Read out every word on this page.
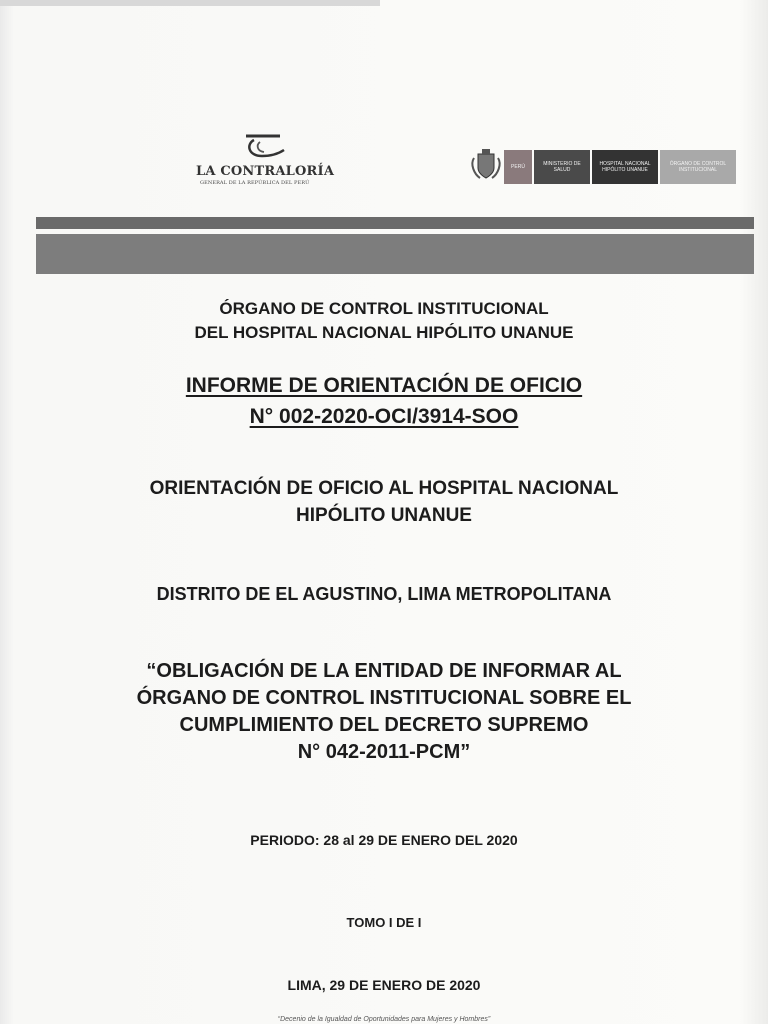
LA CONTRALORÍA
GENERAL DE LA REPÚBLICA DEL PERÚ
PERÚ	MINISTERIO DE SALUD
HOSPITAL NACIONAL HIPÓLITO UNANUE
ÓRGANO DE CONTROL INSTITUCIONAL
ÓRGANO DE CONTROL INSTITUCIONAL
DEL HOSPITAL NACIONAL HIPÓLITO UNANUE
INFORME DE ORIENTACIÓN DE OFICIO
N° 002-2020-OCI/3914-SOO
ORIENTACIÓN DE OFICIO AL HOSPITAL NACIONAL
HIPÓLITO UNANUE
DISTRITO DE EL AGUSTINO, LIMA METROPOLITANA
“OBLIGACIÓN DE LA ENTIDAD DE INFORMAR AL
ÓRGANO DE CONTROL INSTITUCIONAL SOBRE EL
CUMPLIMIENTO DEL DECRETO SUPREMO
N° 042-2011-PCM”
PERIODO: 28 al 29 DE ENERO DEL 2020
TOMO I DE I
LIMA, 29 DE ENERO DE 2020
“Decenio de la Igualdad de Oportunidades para Mujeres y Hombres”
